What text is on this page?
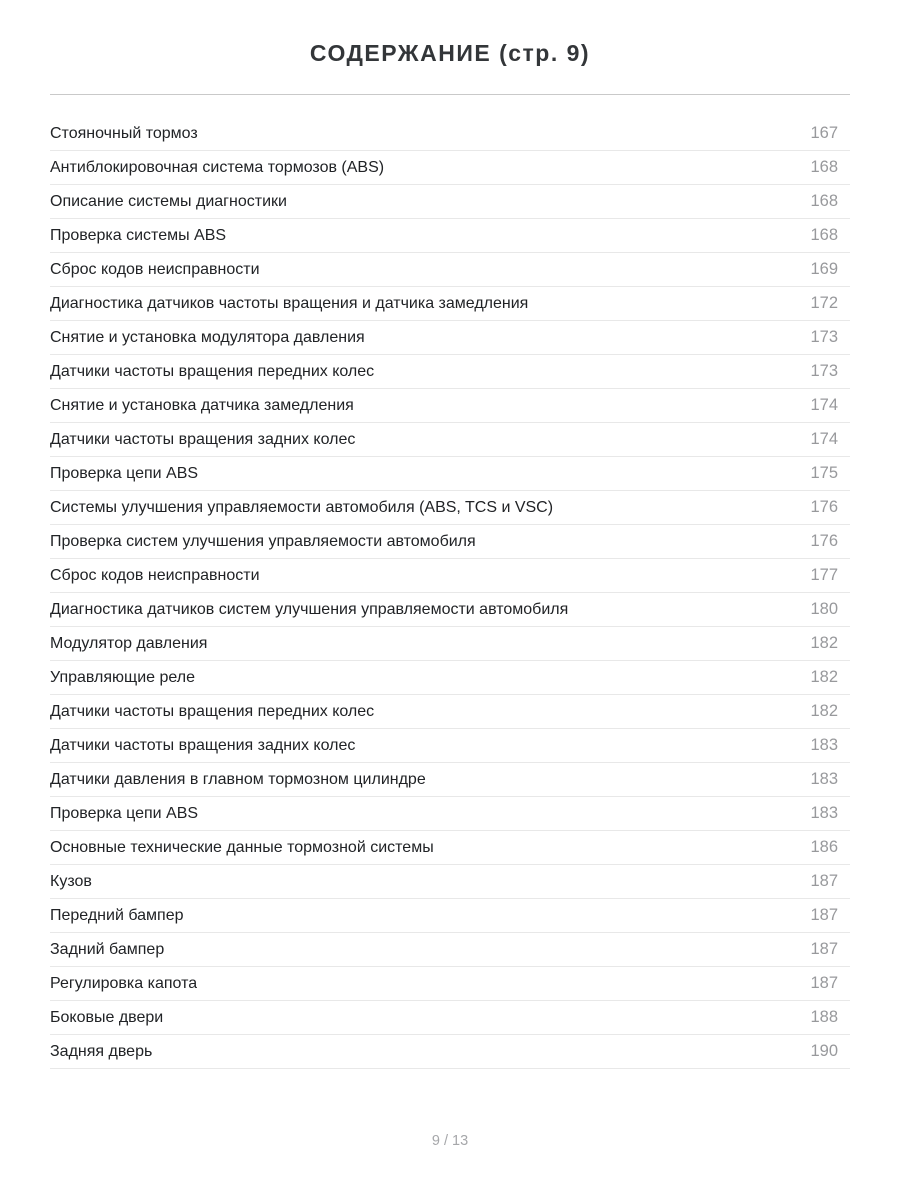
СОДЕРЖАНИЕ (стр. 9)
Стояночный тормоз	167
Антиблокировочная система тормозов (ABS)	168
Описание системы диагностики	168
Проверка системы ABS	168
Сброс кодов неисправности	169
Диагностика датчиков частоты вращения и датчика замедления	172
Снятие и установка модулятора давления	173
Датчики частоты вращения передних колес	173
Снятие и установка датчика замедления	174
Датчики частоты вращения задних колес	174
Проверка цепи ABS	175
Системы улучшения управляемости автомобиля (ABS, TCS и VSC)	176
Проверка систем улучшения управляемости автомобиля	176
Сброс кодов неисправности	177
Диагностика датчиков систем улучшения управляемости автомобиля	180
Модулятор давления	182
Управляющие реле	182
Датчики частоты вращения передних колес	182
Датчики частоты вращения задних колес	183
Датчики давления в главном тормозном цилиндре	183
Проверка цепи ABS	183
Основные технические данные тормозной системы	186
Кузов	187
Передний бампер	187
Задний бампер	187
Регулировка капота	187
Боковые двери	188
Задняя дверь	190
9 / 13
